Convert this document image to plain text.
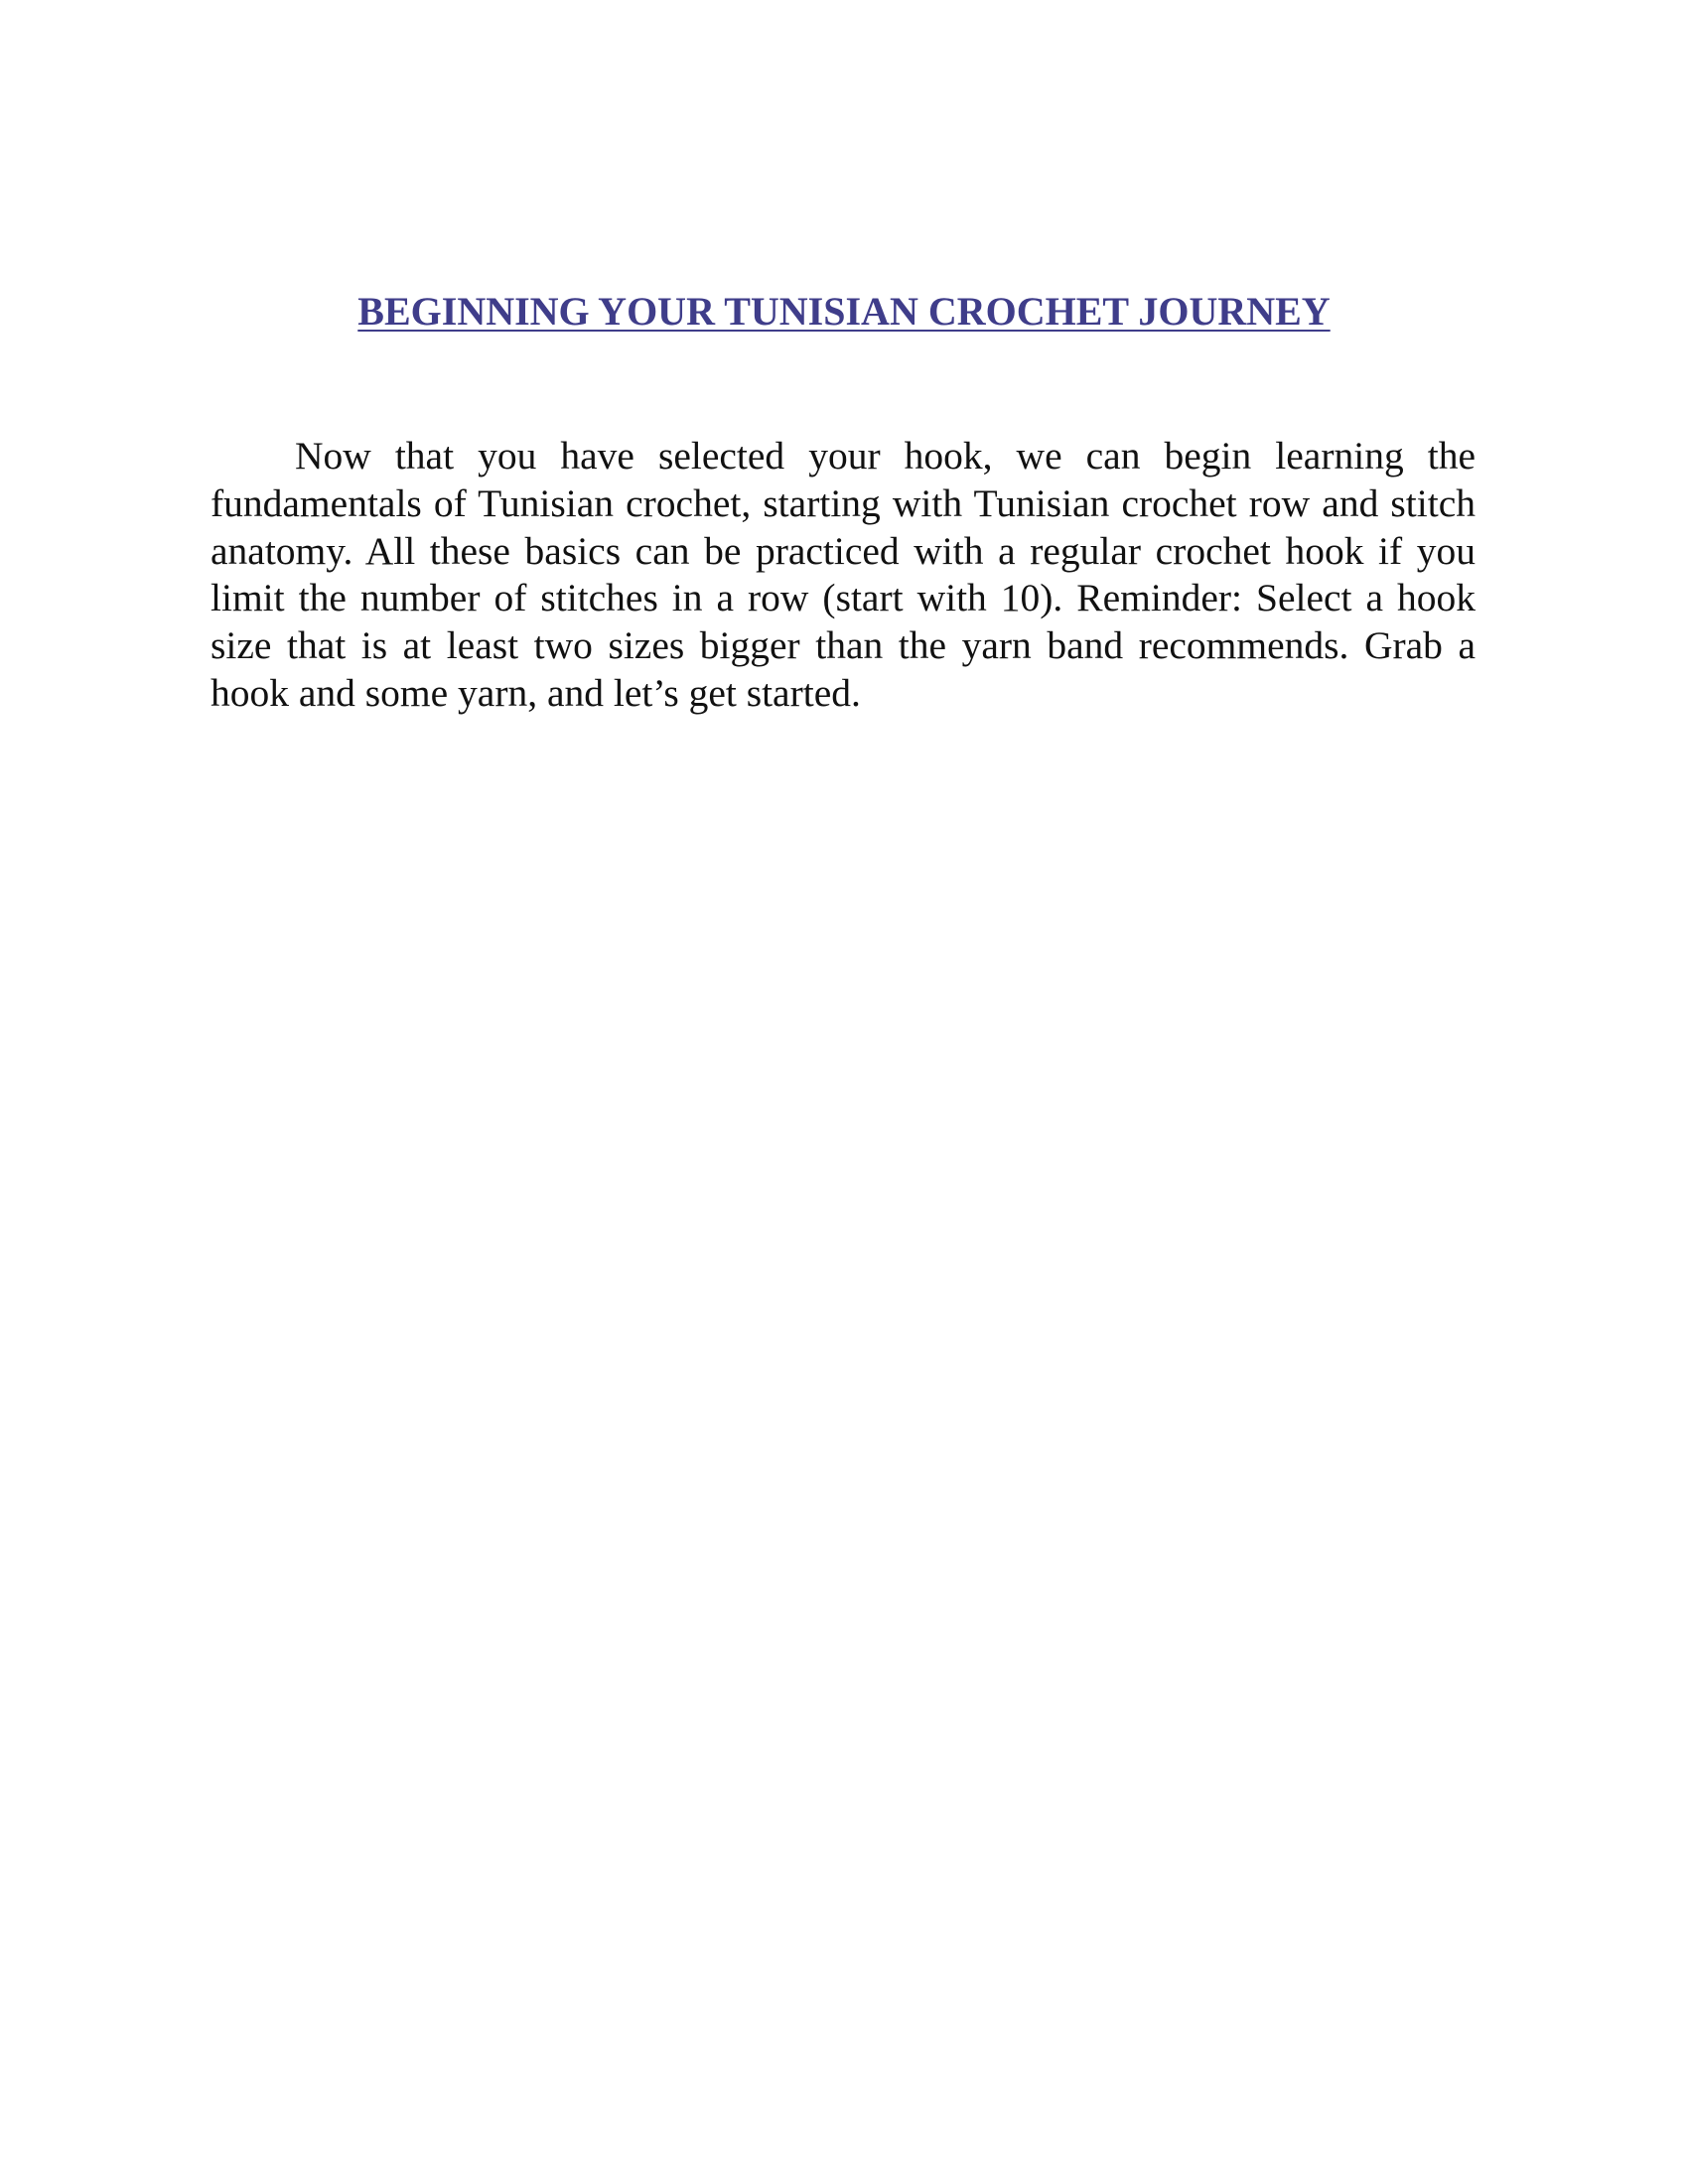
BEGINNING YOUR TUNISIAN CROCHET JOURNEY

Now that you have selected your hook, we can begin learning the fundamentals of Tunisian crochet, starting with Tunisian crochet row and stitch anatomy. All these basics can be practiced with a regular crochet hook if you limit the number of stitches in a row (start with 10). Reminder: Select a hook size that is at least two sizes bigger than the yarn band recommends. Grab a hook and some yarn, and let’s get started.
